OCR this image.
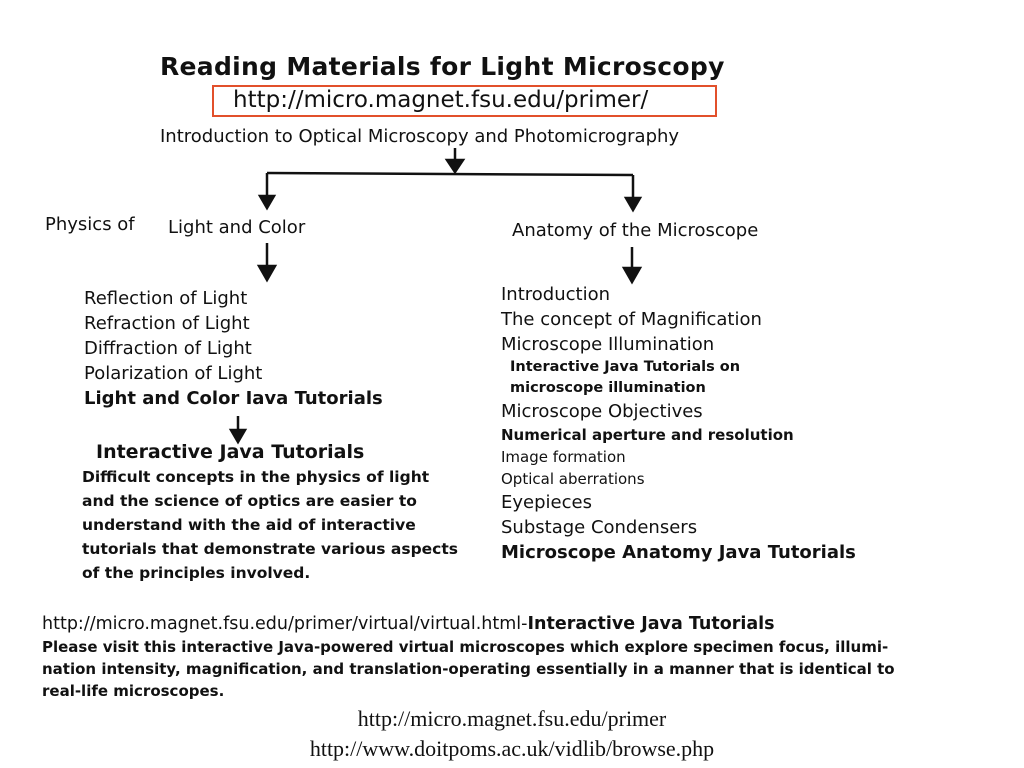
Reading Materials for Light Microscopy
http://micro.magnet.fsu.edu/primer/
Introduction to Optical Microscopy and Photomicrography
Physics of Light and Color	Anatomy of the Microscope
Reflection of Light
Refraction of Light
Diffraction of Light
Polarization of Light
Light and Color Iava Tutorials
Interactive Java Tutorials
Difficult concepts in the physics of light and the science of optics are easier to understand with the aid of interactive tutorials that demonstrate various aspects of the principles involved.
Introduction
The concept of Magnification
Microscope Illumination
Interactive Java Tutorials on
microscope illumination
Microscope Objectives
Numerical aperture and resolution
Image formation
Optical aberrations
Eyepieces
Substage Condensers
Microscope Anatomy Java Tutorials
http://micro.magnet.fsu.edu/primer/virtual/virtual.html-Interactive Java Tutorials
Please visit this interactive Java-powered virtual microscopes which explore specimen focus, illumi-
nation intensity, magnification, and translation-operating essentially in a manner that is identical to
real-life microscopes.
http://micro.magnet.fsu.edu/primer
http://www.doitpoms.ac.uk/vidlib/browse.php
